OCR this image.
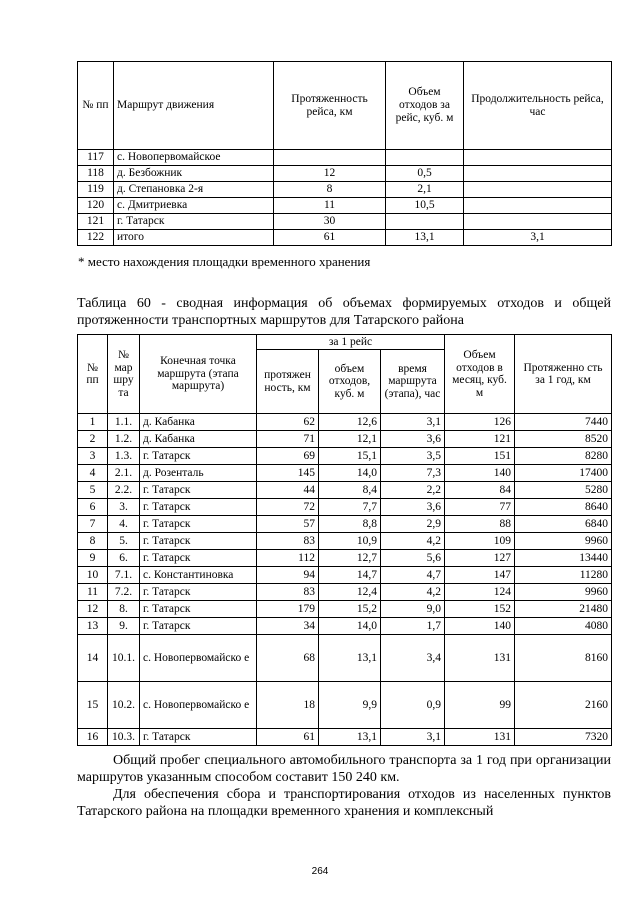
№ пп	Маршрут движения	Протяженность рейса, км	Объем отходов за рейс, куб. м	Продолжительность рейса, час
117	с. Новопервомайское			
118	д. Безбожник	12	0,5	
119	д. Степановка 2-я	8	2,1	
120	с. Дмитриевка	11	10,5	
121	г. Татарск	30		
122	итого	61	13,1	3,1
* место нахождения площадки временного хранения
Таблица 60 - сводная информация об объемах формируемых отходов и общей
протяженности транспортных маршрутов для Татарского района
№ пп	№ мар шру та	Конечная точка маршрута (этапа маршрута)	за 1 рейс			Объем отходов в месяц, куб. м	Протяженно сть за 1 год, км
			протяжен ность, км	объем отходов, куб. м	время маршрута (этапа), час		
1	1.1.	д. Кабанка	62	12,6	3,1	126	7440
2	1.2.	д. Кабанка	71	12,1	3,6	121	8520
3	1.3.	г. Татарск	69	15,1	3,5	151	8280
4	2.1.	д. Розенталь	145	14,0	7,3	140	17400
5	2.2.	г. Татарск	44	8,4	2,2	84	5280
6	3.	г. Татарск	72	7,7	3,6	77	8640
7	4.	г. Татарск	57	8,8	2,9	88	6840
8	5.	г. Татарск	83	10,9	4,2	109	9960
9	6.	г. Татарск	112	12,7	5,6	127	13440
10	7.1.	с. Константиновка	94	14,7	4,7	147	11280
11	7.2.	г. Татарск	83	12,4	4,2	124	9960
12	8.	г. Татарск	179	15,2	9,0	152	21480
13	9.	г. Татарск	34	14,0	1,7	140	4080
14	10.1.	с. Новопервомайско е	68	13,1	3,4	131	8160
15	10.2.	с. Новопервомайско е	18	9,9	0,9	99	2160
16	10.3.	г. Татарск	61	13,1	3,1	131	7320
Общий пробег специального автомобильного транспорта за 1 год при организации маршрутов указанным способом составит 150 240 км.
Для обеспечения сбора и транспортирования отходов из населенных пунктов Татарского района на площадки временного хранения и комплексный
264
